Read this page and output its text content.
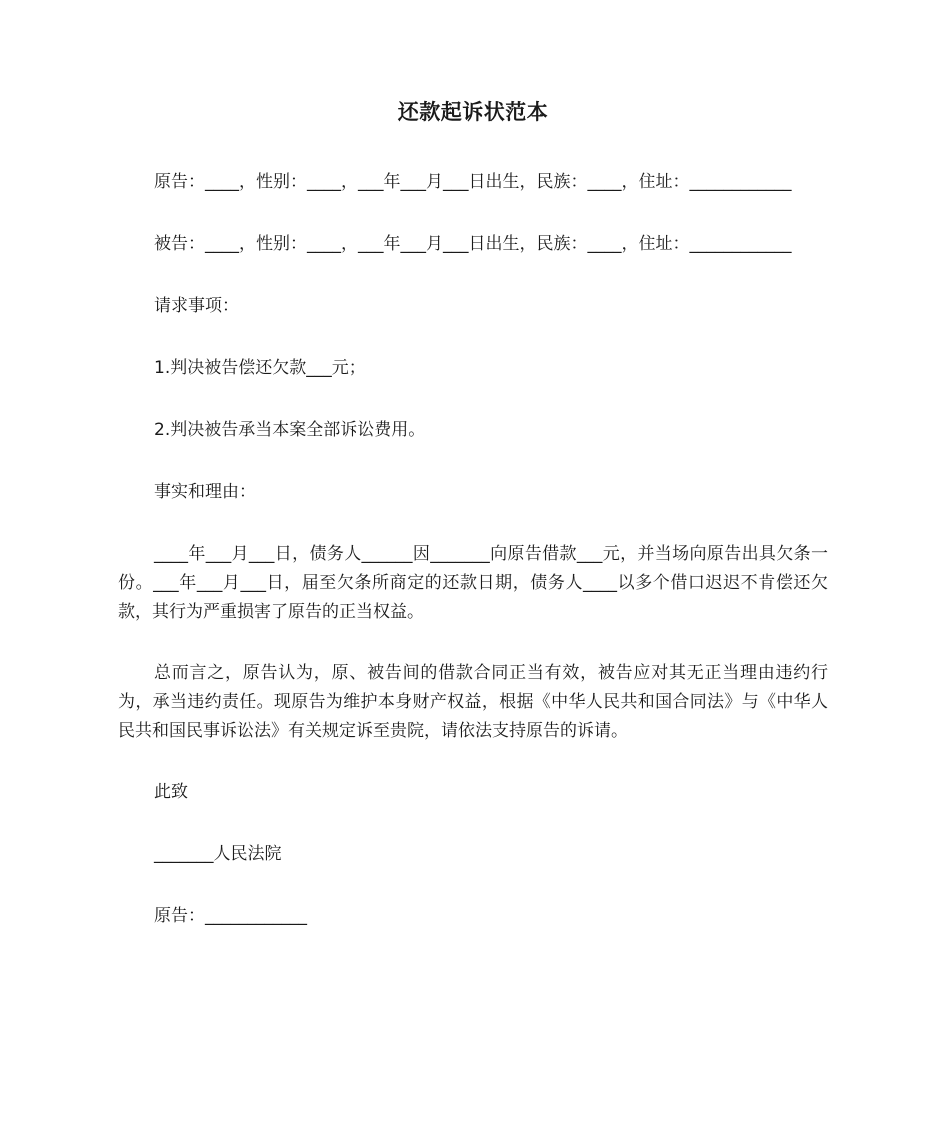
还款起诉状范本

原告：____，性别：____，___年___月___日出生，民族：____，住址：____________

被告：____，性别：____，___年___月___日出生，民族：____，住址：____________

请求事项：

1.判决被告偿还欠款___元；

2.判决被告承当本案全部诉讼费用。

事实和理由：

____年___月___日，债务人______因_______向原告借款___元，并当场向原告出具欠条一份。___年___月___日，届至欠条所商定的还款日期，债务人____以多个借口迟迟不肯偿还欠款，其行为严重损害了原告的正当权益。

总而言之，原告认为，原、被告间的借款合同正当有效，被告应对其无正当理由违约行为，承当违约责任。现原告为维护本身财产权益，根据《中华人民共和国合同法》与《中华人民共和国民事诉讼法》有关规定诉至贵院，请依法支持原告的诉请。

此致

_______人民法院

原告：____________
